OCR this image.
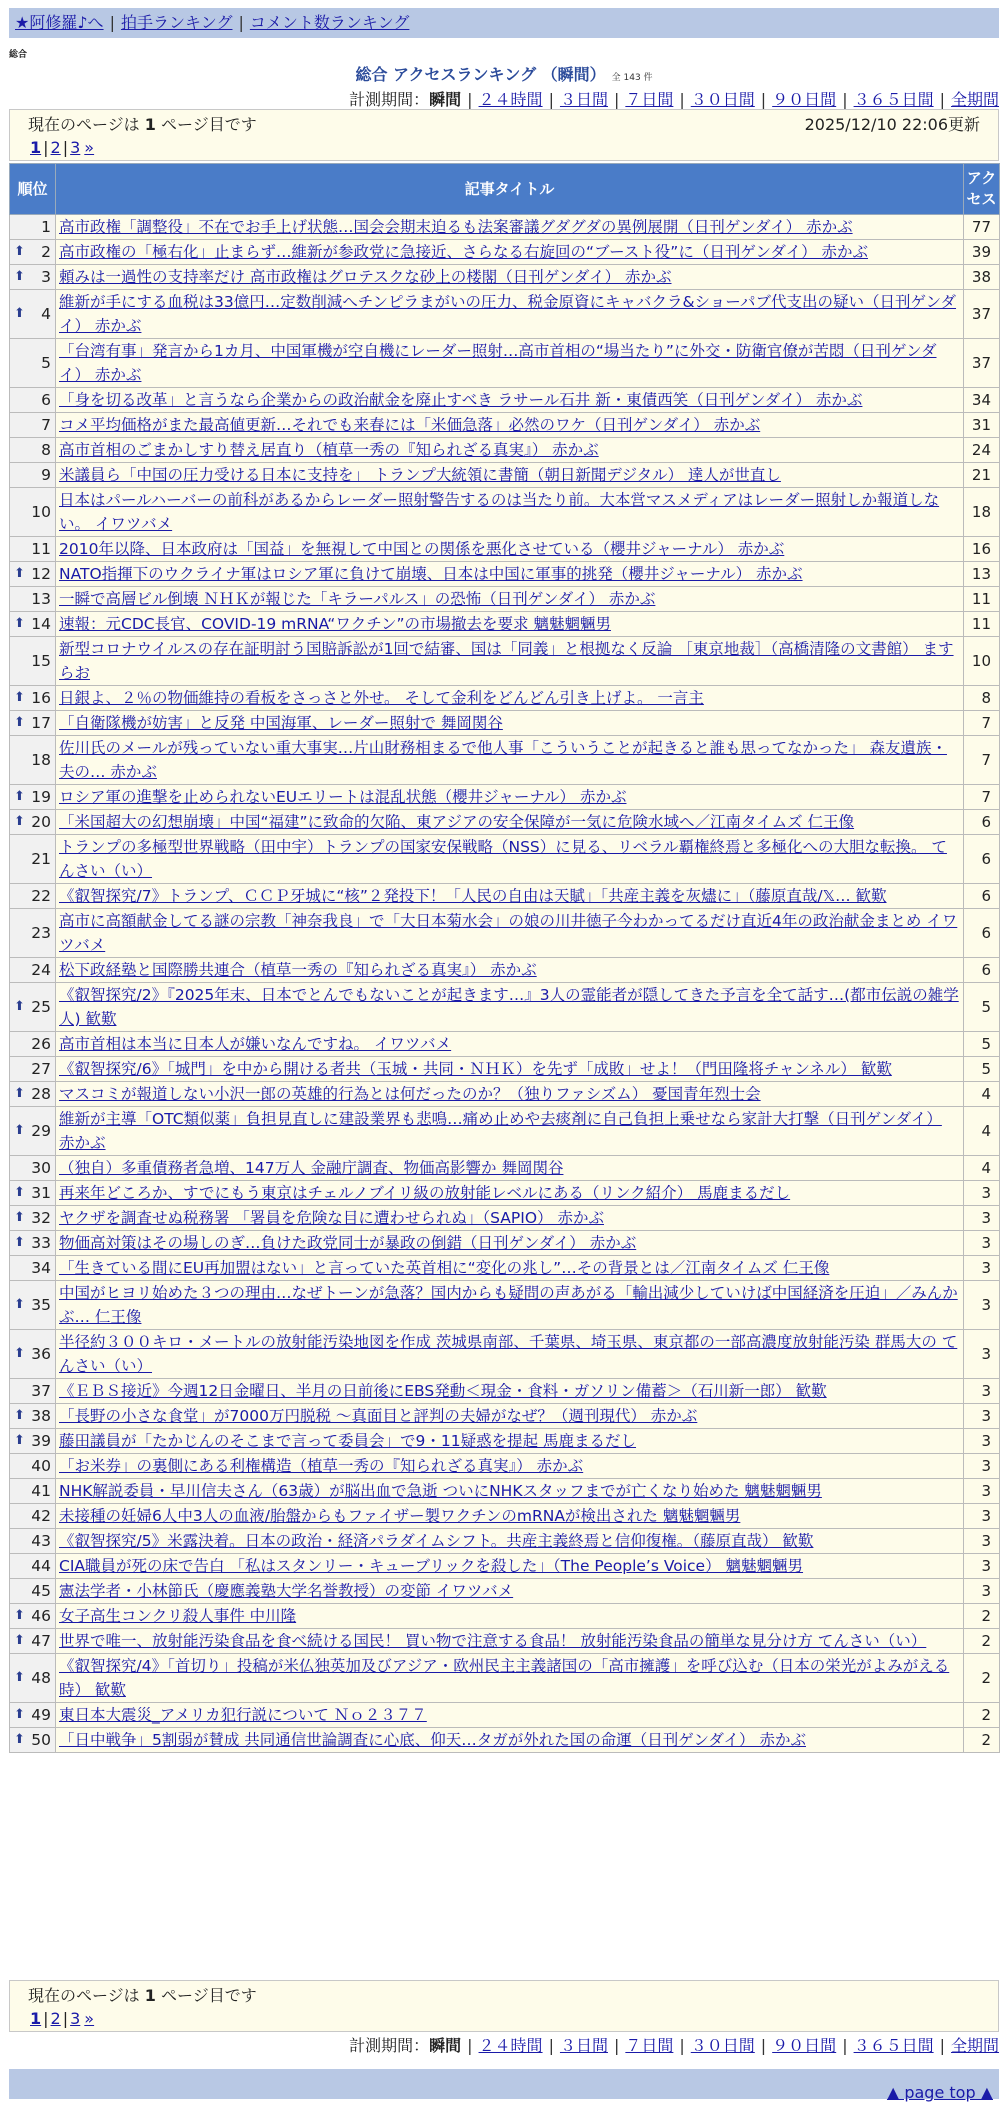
★阿修羅♪へ | 拍手ランキング | コメント数ランキング
総合
総合 アクセスランキング （瞬間） 全 143 件
計測期間：瞬間 | ２４時間 | ３日間 | ７日間 | ３０日間 | ９０日間 | ３６５日間 | 全期間
現在のページは 1 ページ目です	2025/12/10 22:06更新
1 | 2 | 3 »
順位	記事タイトル	アクセス
1	高市政権「調整役」不在でお手上げ状態…国会会期末迫るも法案審議グダグダの異例展開（日刊ゲンダイ） 赤かぶ	77

⬆ 2	高市政権の「極右化」止まらず…維新が参政党に急接近、さらなる右旋回の“ブースト役”に（日刊ゲンダイ） 赤かぶ	39

⬆ 3	頼みは一過性の支持率だけ 高市政権はグロテスクな砂上の楼閣（日刊ゲンダイ） 赤かぶ	38

⬆ 4	維新が手にする血税は33億円…定数削減へチンピラまがいの圧力、税金原資にキャバクラ&ショーパブ代支出の疑い（日刊ゲンダイ） 赤かぶ	37
5	「台湾有事」発言から1カ月、中国軍機が空自機にレーダー照射…高市首相の“場当たり”に外交・防衛官僚が苦悶（日刊ゲンダイ） 赤かぶ	37
6	「身を切る改革」と言うなら企業からの政治献金を廃止すべき ラサール石井 新・東債西笑（日刊ゲンダイ） 赤かぶ	34
7	コメ平均価格がまた最高値更新…それでも来春には「米価急落」必然のワケ（日刊ゲンダイ） 赤かぶ	31
8	高市首相のごまかしすり替え居直り（植草一秀の『知られざる真実』） 赤かぶ	24
9	米議員ら「中国の圧力受ける日本に支持を」 トランプ大統領に書簡（朝日新聞デジタル） 達人が世直し	21
10	日本はパールハーバーの前科があるからレーダー照射警告するのは当たり前。大本営マスメディアはレーダー照射しか報道しない。 イワツバメ	18
11	2010年以降、日本政府は「国益」を無視して中国との関係を悪化させている（櫻井ジャーナル） 赤かぶ	16

⬆ 12	NATO指揮下のウクライナ軍はロシア軍に負けて崩壊、日本は中国に軍事的挑発（櫻井ジャーナル） 赤かぶ	13
13	一瞬で高層ビル倒壊 ＮＨＫが報じた「キラーパルス」の恐怖（日刊ゲンダイ） 赤かぶ	11

⬆ 14	速報：元CDC長官、COVID-19 mRNA“ワクチン”の市場撤去を要求 魑魅魍魎男	11
15	新型コロナウイルスの存在証明討う国賠訴訟が1回で結審、国は「同義」と根拠なく反論 ［東京地裁］（高橋清隆の文書館） ますらお	10

⬆ 16	日銀よ、２％の物価維持の看板をさっさと外せ。 そして金利をどんどん引き上げよ。 一言主	8

⬆ 17	「自衛隊機が妨害」と反発 中国海軍、レーダー照射で 舞岡関谷	7
18	佐川氏のメールが残っていない重大事実…片山財務相まるで他人事「こういうことが起きると誰も思ってなかった」 森友遺族・夫の… 赤かぶ	7

⬆ 19	ロシア軍の進撃を止められないEUエリートは混乱状態（櫻井ジャーナル） 赤かぶ	7

⬆ 20	「米国超大の幻想崩壊」中国“福建”に致命的欠陥、東アジアの安全保障が一気に危険水域へ／江南タイムズ 仁王像	6
21	トランプの多極型世界戦略（田中宇）トランプの国家安保戦略（NSS）に見る、リベラル覇権終焉と多極化への大胆な転換。 てんさい（い）	6
22	《叡智探究/7》トランプ、ＣＣＰ牙城に“核”２発投下！「人民の自由は天賦」「共産主義を灰燼に」（藤原直哉/𝕏… 歓歎	6
23	高市に高額献金してる謎の宗教「神奈我良」で「大日本菊水会」の娘の川井徳子今わかってるだけ直近4年の政治献金まとめ イワツバメ	6
24	松下政経塾と国際勝共連合（植草一秀の『知られざる真実』） 赤かぶ	6

⬆ 25	《叡智探究/2》『2025年末、日本でとんでもないことが起きます…』3人の霊能者が隠してきた予言を全て話す…(都市伝説の雑学人) 歓歎	5
26	高市首相は本当に日本人が嫌いなんですね。 イワツバメ	5
27	《叡智探究/6》「城門」を中から開ける者共（玉城・共同・ＮＨＫ）を先ず「成敗」せよ！（門田隆将チャンネル） 歓歎	5

⬆ 28	マスコミが報道しない小沢一郎の英雄的行為とは何だったのか？（独りファシズム） 憂国青年烈士会	4

⬆ 29	維新が主導「OTC類似薬」負担見直しに建設業界も悲鳴…痛め止めや去痰剤に自己負担上乗せなら家計大打撃（日刊ゲンダイ） 赤かぶ	4
30	（独自）多重債務者急増、147万人 金融庁調査、物価高影響か 舞岡関谷	4

⬆ 31	再来年どころか、すでにもう東京はチェルノブイリ級の放射能レベルにある（リンク紹介） 馬鹿まるだし	3

⬆ 32	ヤクザを調査せぬ税務署 「署員を危険な目に遭わせられぬ」（SAPIO） 赤かぶ	3

⬆ 33	物価高対策はその場しのぎ…負けた政党同士が暴政の倒錯（日刊ゲンダイ） 赤かぶ	3
34	「生きている間にEU再加盟はない」と言っていた英首相に“変化の兆し”…その背景とは／江南タイムズ 仁王像	3

⬆ 35	中国がヒヨリ始めた３つの理由…なぜトーンが急落？国内からも疑問の声あがる「輸出減少していけば中国経済を圧迫」／みんかぶ… 仁王像	3

⬆ 36	半径約３００キロ・メートルの放射能汚染地図を作成 茨城県南部、千葉県、埼玉県、東京都の一部高濃度放射能汚染 群馬大の てんさい（い）	3
37	《ＥＢＳ接近》今週12日金曜日、半月の日前後にEBS発動＜現金・食料・ガソリン備蓄＞（石川新一郎） 歓歎	3

⬆ 38	「長野の小さな食堂」が7000万円脱税 ～真面目と評判の夫婦がなぜ？（週刊現代） 赤かぶ	3

⬆ 39	藤田議員が「たかじんのそこまで言って委員会」で9・11疑惑を提起 馬鹿まるだし	3
40	「お米券」の裏側にある利権構造（植草一秀の『知られざる真実』） 赤かぶ	3
41	NHK解説委員・早川信夫さん（63歳）が脳出血で急逝 ついにNHKスタッフまでが亡くなり始めた 魑魅魍魎男	3
42	未接種の妊婦6人中3人の血液/胎盤からもファイザー製ワクチンのmRNAが検出された 魑魅魍魎男	3
43	《叡智探究/5》米露決着。日本の政治・経済パラダイムシフト。共産主義終焉と信仰復権。（藤原直哉） 歓歎	3
44	CIA職員が死の床で告白 「私はスタンリー・キューブリックを殺した」（The People’s Voice） 魑魅魍魎男	3
45	憲法学者・小林節氏（慶應義塾大学名誉教授）の変節 イワツバメ	3

⬆ 46	女子高生コンクリ殺人事件 中川隆	2

⬆ 47	世界で唯一、放射能汚染食品を食べ続ける国民！ 買い物で注意する食品！ 放射能汚染食品の簡単な見分け方 てんさい（い）	2

⬆ 48	《叡智探究/4》「首切り」投稿が米仏独英加及びアジア・欧州民主主義諸国の「高市擁護」を呼び込む（日本の栄光がよみがえる時） 歓歎	2

⬆ 49	東日本大震災_アメリカ犯行説について Ｎｏ２３７７	2

⬆ 50	「日中戦争」5割弱が賛成 共同通信世論調査に心底、仰天…タガが外れた国の命運（日刊ゲンダイ） 赤かぶ	2
現在のページは 1 ページ目です
1 | 2 | 3 »
計測期間：瞬間 | ２４時間 | ３日間 | ７日間 | ３０日間 | ９０日間 | ３６５日間 | 全期間
▲ page top ▲
